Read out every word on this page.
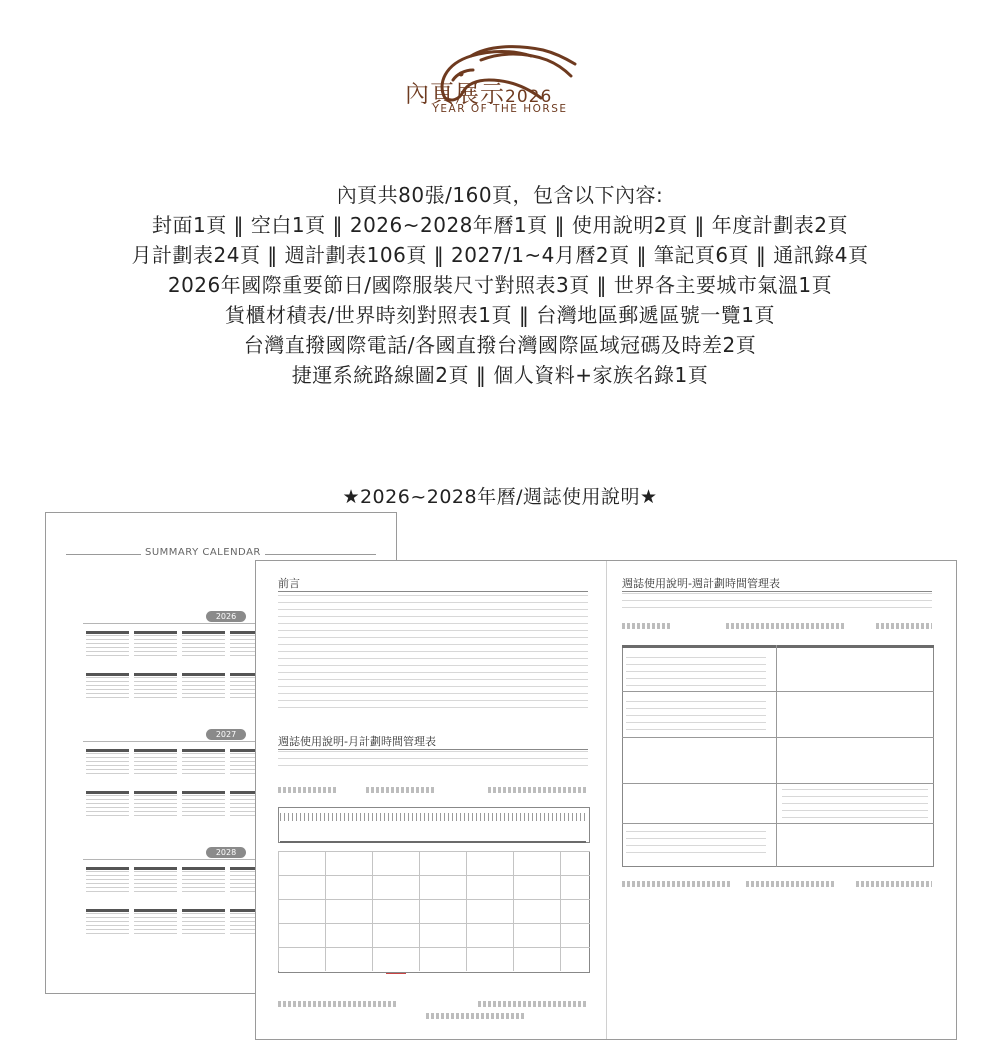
內頁展示2026
YEAR OF THE HORSE
內頁共80張/160頁，包含以下內容:
封面1頁 ‖ 空白1頁 ‖ 2026~2028年曆1頁 ‖ 使用說明2頁 ‖ 年度計劃表2頁
月計劃表24頁 ‖ 週計劃表106頁 ‖ 2027/1~4月曆2頁 ‖ 筆記頁6頁 ‖ 通訊錄4頁
2026年國際重要節日/國際服裝尺寸對照表3頁 ‖ 世界各主要城市氣溫1頁
貨櫃材積表/世界時刻對照表1頁 ‖ 台灣地區郵遞區號一覽1頁
台灣直撥國際電話/各國直撥台灣國際區域冠碼及時差2頁
捷運系統路線圖2頁 ‖ 個人資料+家族名錄1頁
★2026~2028年曆/週誌使用說明★
SUMMARY CALENDAR
2026
2027
2028
前言
週誌使用說明-月計劃時間管理表
週誌使用說明-週計劃時間管理表
